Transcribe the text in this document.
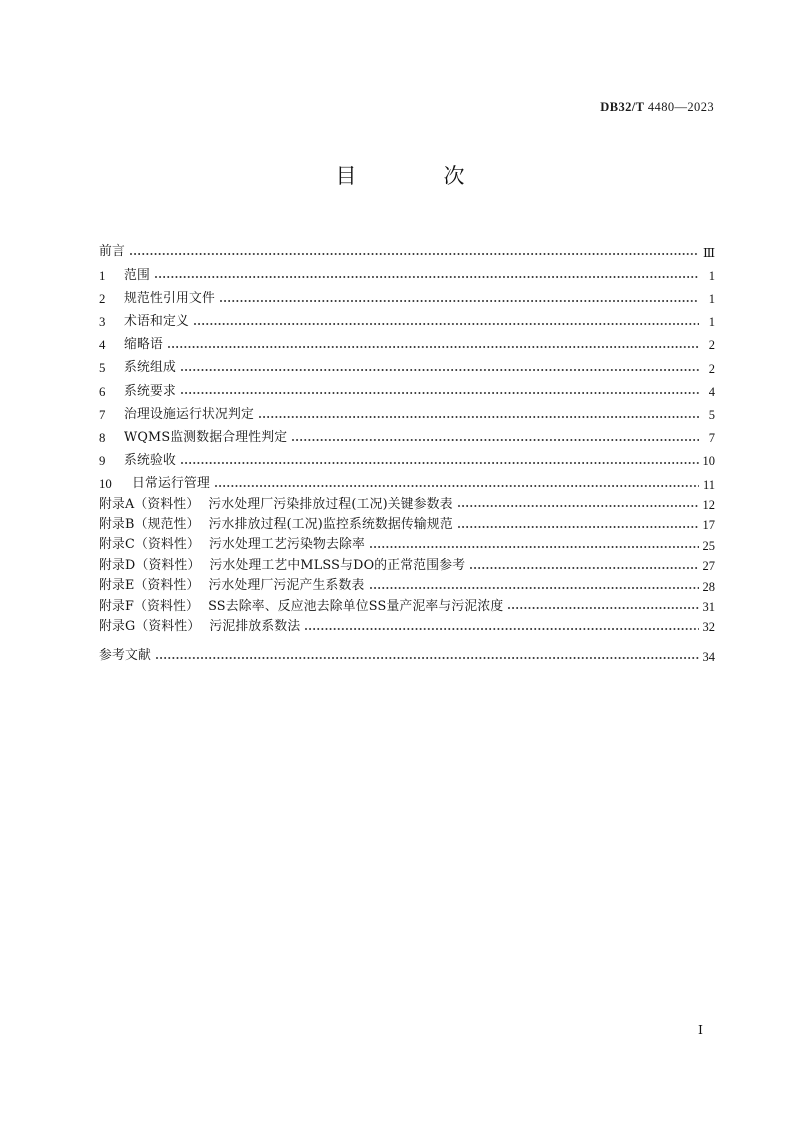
DB32/T 4480—2023
目　　次
前言	Ⅲ
1	范围	1
2	规范性引用文件	1
3	术语和定义	1
4	缩略语	2
5	系统组成	2
6	系统要求	4
7	治理设施运行状况判定	5
8	WQMS监测数据合理性判定	7
9	系统验收	10
10	日常运行管理	11
附录A（资料性） 污水处理厂污染排放过程(工况)关键参数表	12
附录B（规范性） 污水排放过程(工况)监控系统数据传输规范	17
附录C（资料性） 污水处理工艺污染物去除率	25
附录D（资料性） 污水处理工艺中MLSS与DO的正常范围参考	27
附录E（资料性） 污水处理厂污泥产生系数表	28
附录F（资料性） SS去除率、反应池去除单位SS量产泥率与污泥浓度	31
附录G（资料性） 污泥排放系数法	32
参考文献	34
Ⅰ
